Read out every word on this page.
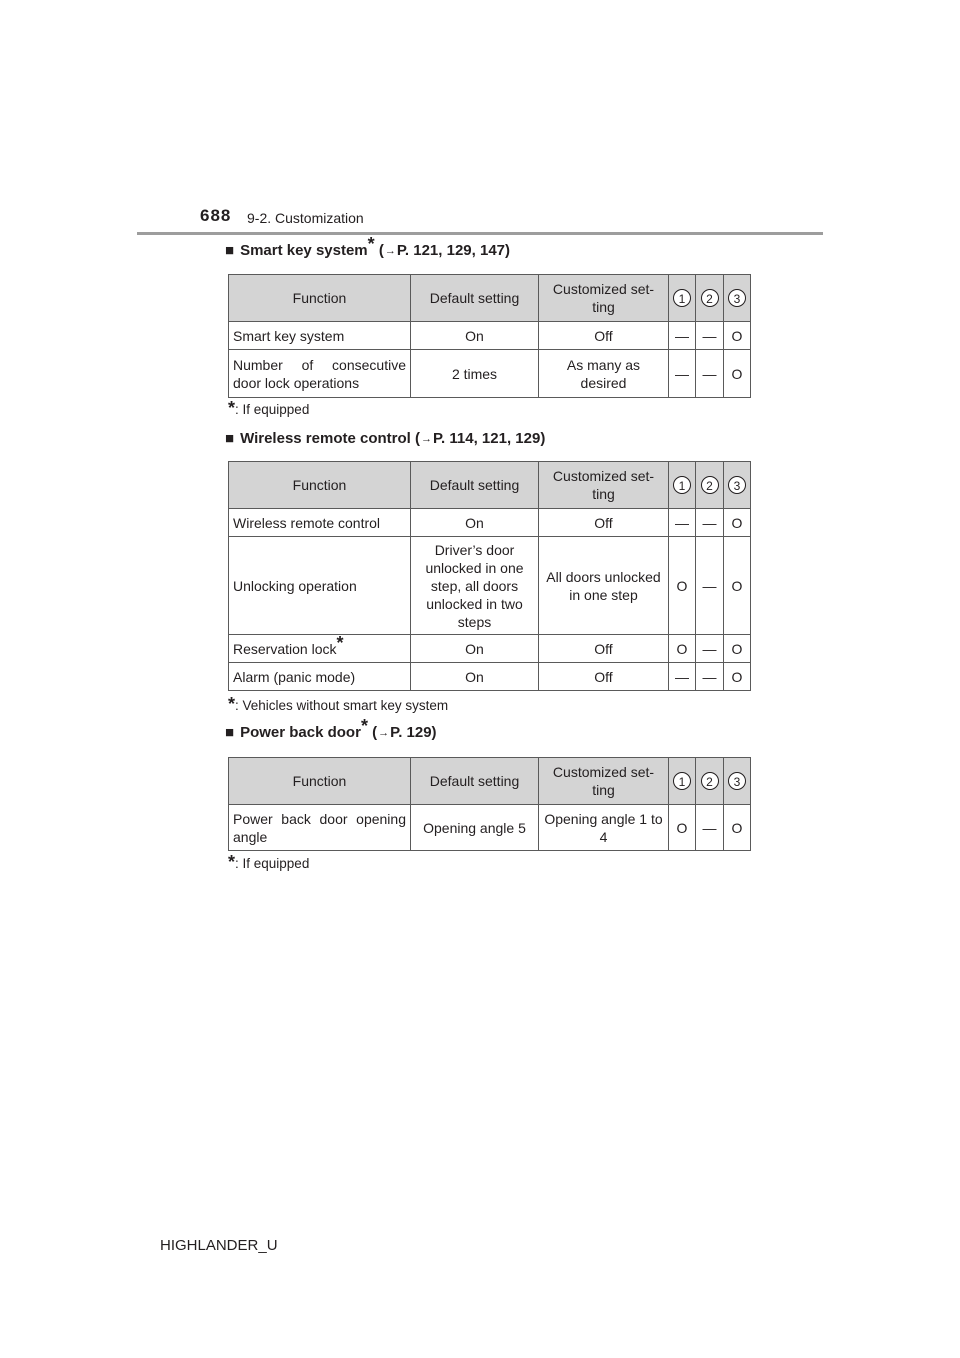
688 9-2. Customization
■ Smart key system* (→P. 121, 129, 147)
Function	Default setting	Customized set-ting	1	2	3
Smart key system	On	Off	—	—	O
Number of consecutive door lock operations	2 times	As many as desired	—	—	O
*: If equipped
■ Wireless remote control (→P. 114, 121, 129)
Function	Default setting	Customized set-ting	1	2	3
Wireless remote control	On	Off	—	—	O
Unlocking operation	Driver’s door unlocked in one step, all doors unlocked in two steps	All doors unlocked in one step	O	—	O
Reservation lock*	On	Off	O	—	O
Alarm (panic mode)	On	Off	—	—	O
*: Vehicles without smart key system
■ Power back door* (→P. 129)
Function	Default setting	Customized set-ting	1	2	3
Power back door opening angle	Opening angle 5	Opening angle 1 to 4	O	—	O
*: If equipped
HIGHLANDER_U
